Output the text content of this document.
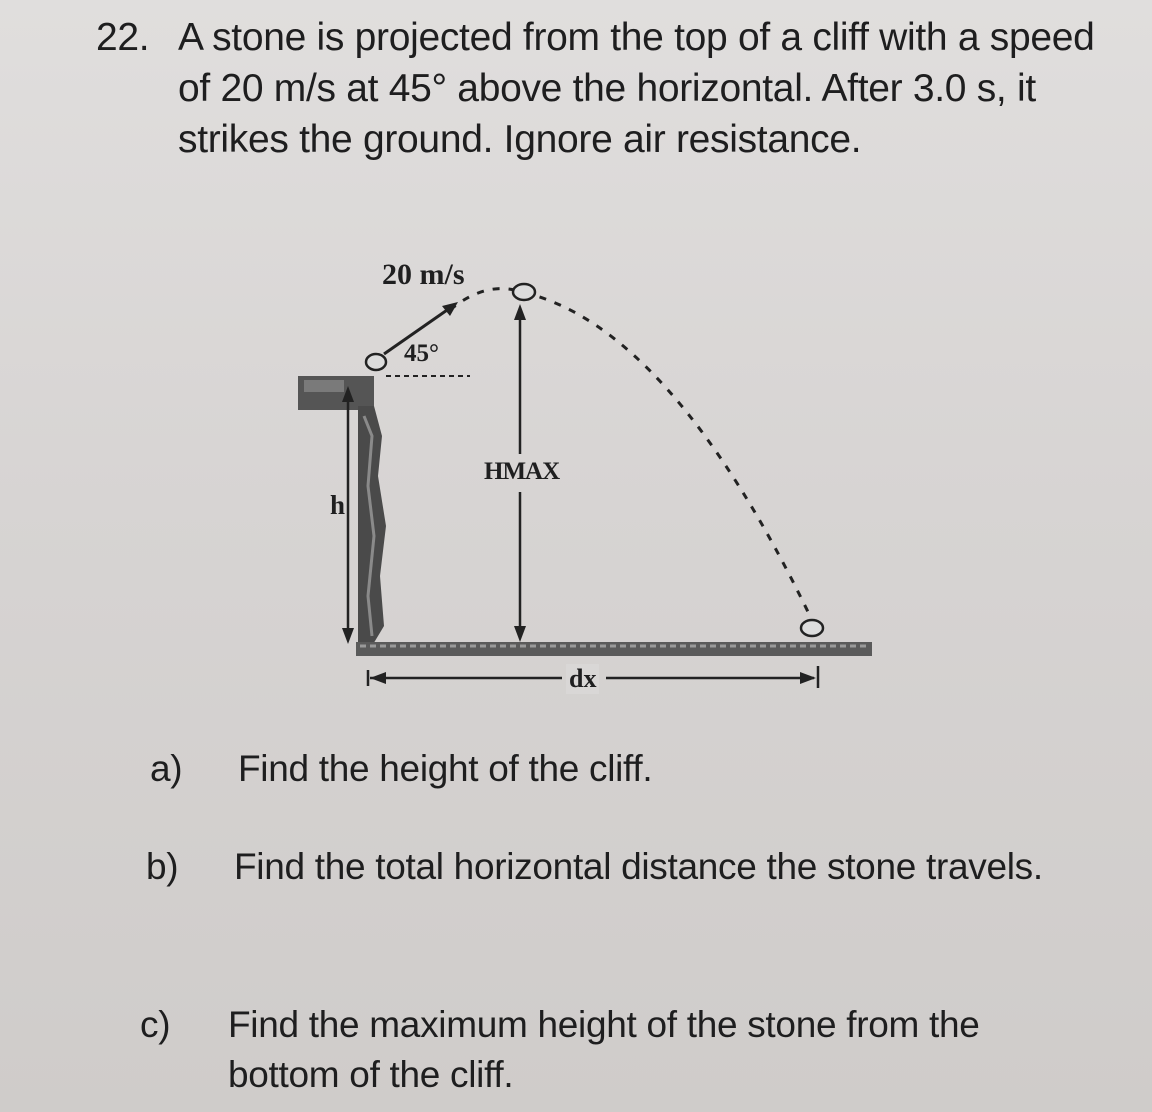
22. A stone is projected from the top of a cliff with a speed of 20 m/s at 45° above the horizontal. After 3.0 s, it strikes the ground. Ignore air resistance.
20 m/s
45°
h
HMAX
dx
a) Find the height of the cliff.
b) Find the total horizontal distance the stone travels.
c) Find the maximum height of the stone from the bottom of the cliff.
